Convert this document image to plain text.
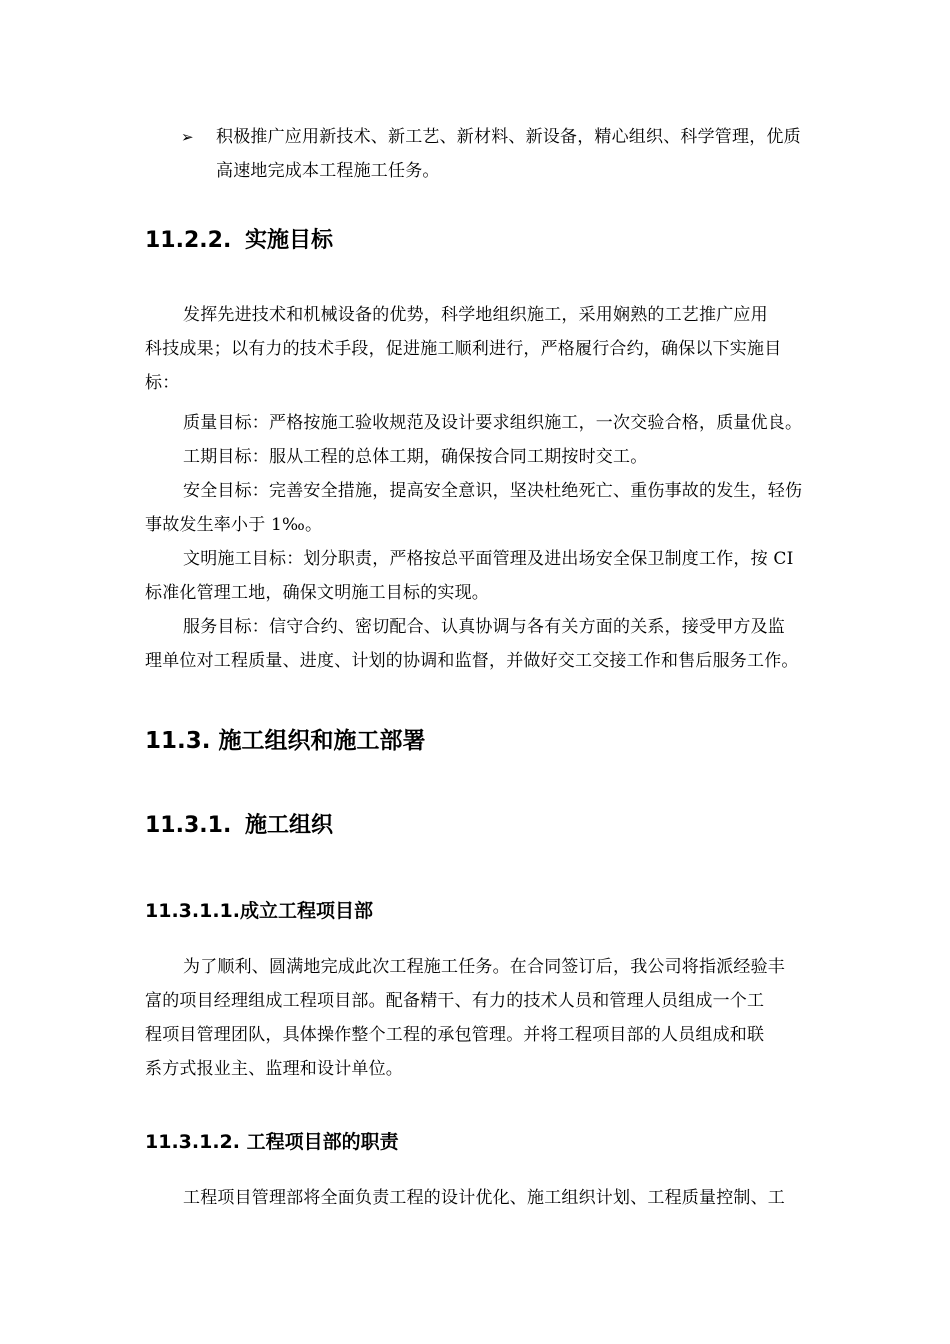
➢ 积极推广应用新技术、新工艺、新材料、新设备，精心组织、科学管理，优质
高速地完成本工程施工任务。
11.2.2. 实施目标
发挥先进技术和机械设备的优势，科学地组织施工，采用娴熟的工艺推广应用
科技成果；以有力的技术手段，促进施工顺利进行，严格履行合约，确保以下实施目
标：
质量目标：严格按施工验收规范及设计要求组织施工，一次交验合格，质量优良。
工期目标：服从工程的总体工期，确保按合同工期按时交工。
安全目标：完善安全措施，提高安全意识，坚决杜绝死亡、重伤事故的发生，轻伤
事故发生率小于 1‰。
文明施工目标：划分职责，严格按总平面管理及进出场安全保卫制度工作，按 CI
标准化管理工地，确保文明施工目标的实现。
服务目标：信守合约、密切配合、认真协调与各有关方面的关系，接受甲方及监
理单位对工程质量、进度、计划的协调和监督，并做好交工交接工作和售后服务工作。
11.3. 施工组织和施工部署
11.3.1. 施工组织
11.3.1.1.成立工程项目部
为了顺利、圆满地完成此次工程施工任务。在合同签订后，我公司将指派经验丰
富的项目经理组成工程项目部。配备精干、有力的技术人员和管理人员组成一个工
程项目管理团队，具体操作整个工程的承包管理。并将工程项目部的人员组成和联
系方式报业主、监理和设计单位。
11.3.1.2. 工程项目部的职责
工程项目管理部将全面负责工程的设计优化、施工组织计划、工程质量控制、工
